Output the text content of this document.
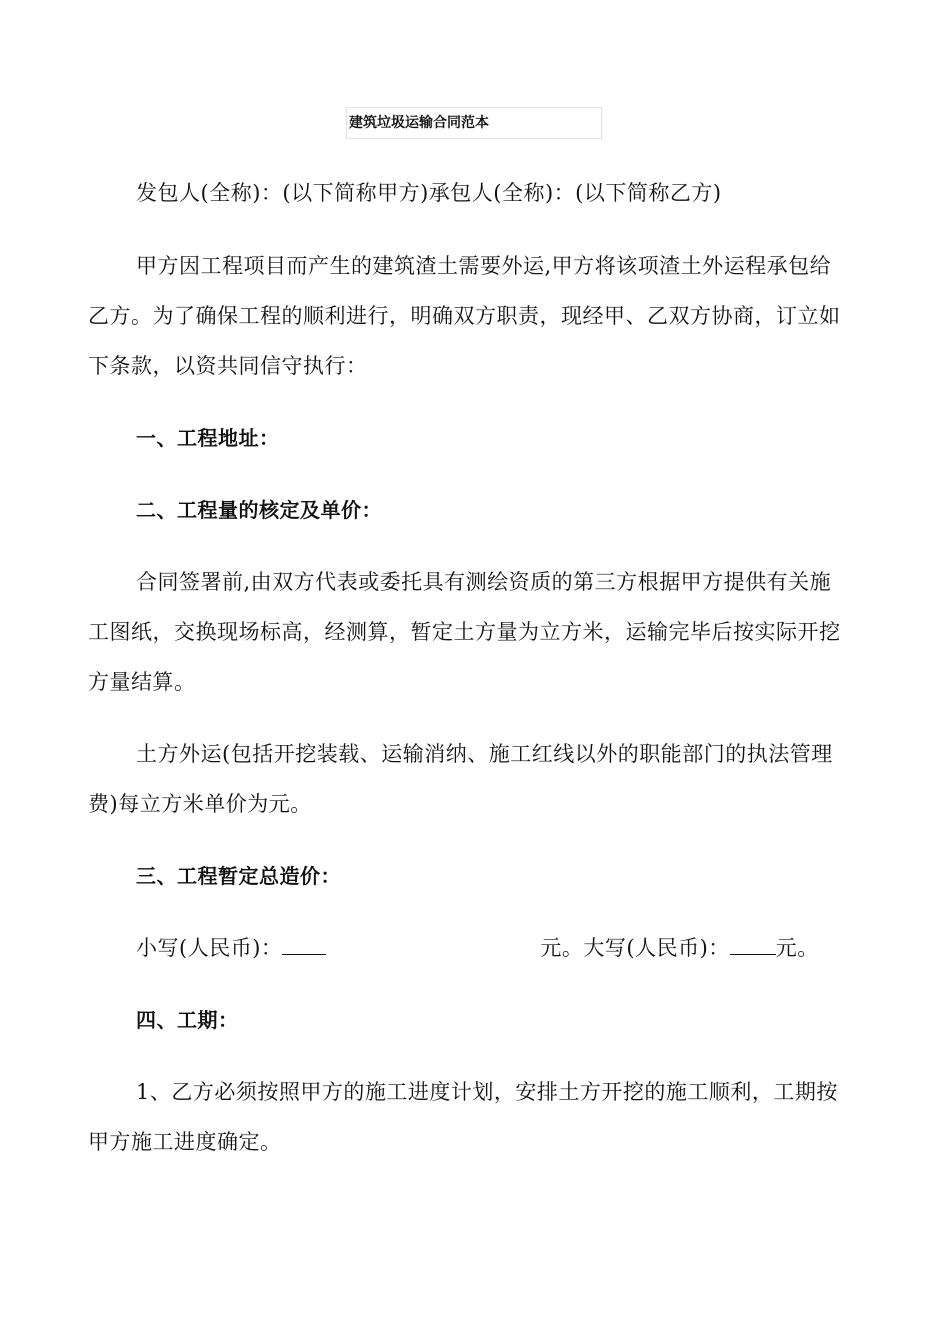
建筑垃圾运输合同范本
发包人(全称)：(以下简称甲方)承包人(全称)：(以下简称乙方)
甲方因工程项目而产生的建筑渣土需要外运,甲方将该项渣土外运程承包给
乙方。为了确保工程的顺利进行，明确双方职责，现经甲、乙双方协商，订立如
下条款，以资共同信守执行：
一、工程地址：
二、工程量的核定及单价：
合同签署前,由双方代表或委托具有测绘资质的第三方根据甲方提供有关施
工图纸，交换现场标高，经测算，暂定土方量为立方米，运输完毕后按实际开挖
方量结算。
土方外运(包括开挖装载、运输消纳、施工红线以外的职能部门的执法管理
费)每立方米单价为元。
三、工程暂定总造价：
小写(人民币)：	元。大写(人民币)： 元。
四、工期：
1、乙方必须按照甲方的施工进度计划，安排土方开挖的施工顺利，工期按
甲方施工进度确定。
